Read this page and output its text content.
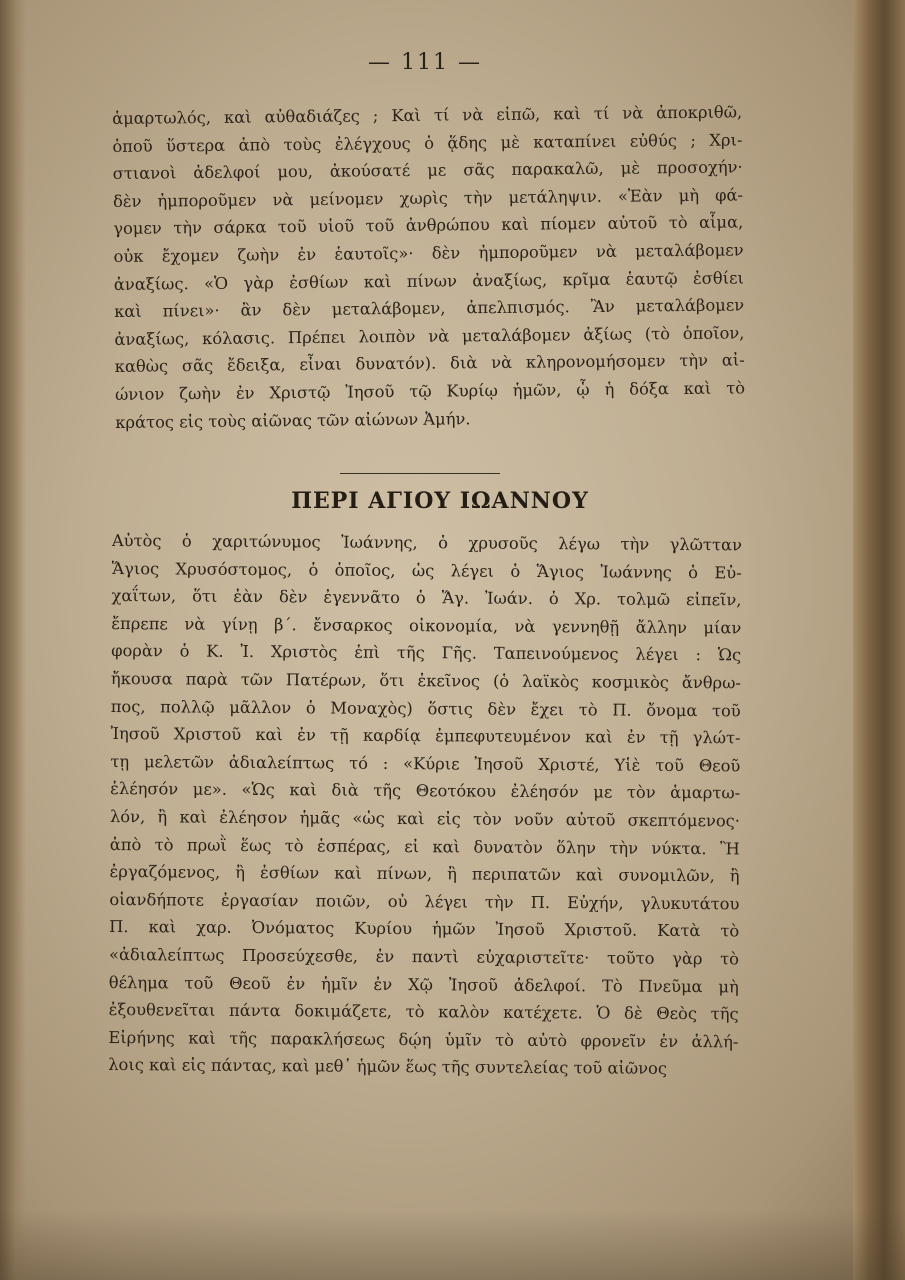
— 111 —
ἁμαρτωλός, καὶ αὐθαδιάζες ; Καὶ τί νὰ εἰπῶ, καὶ τί νὰ ἀποκριθῶ,
ὁποῦ ὕστερα ἀπὸ τοὺς ἐλέγχους ὁ ᾅδης μὲ καταπίνει εὐθύς ; Χρι-
στιανοὶ ἀδελφοί μου, ἀκούσατέ με σᾶς παρακαλῶ, μὲ προσοχήν·
δὲν ἠμποροῦμεν νὰ μείνομεν χωρὶς τὴν μετάληψιν. «Ἐὰν μὴ φά-
γομεν τὴν σάρκα τοῦ υἱοῦ τοῦ ἀνθρώπου καὶ πίομεν αὐτοῦ τὸ αἷμα,
οὐκ ἔχομεν ζωὴν ἐν ἑαυτοῖς»· δὲν ἠμποροῦμεν νὰ μεταλάβομεν
ἀναξίως. «Ὁ γὰρ ἐσθίων καὶ πίνων ἀναξίως, κρῖμα ἑαυτῷ ἐσθίει
καὶ πίνει»· ἂν δὲν μεταλάβομεν, ἀπελπισμός. Ἂν μεταλάβομεν
ἀναξίως, κόλασις. Πρέπει λοιπὸν νὰ μεταλάβομεν ἀξίως (τὸ ὁποῖον,
καθὼς σᾶς ἔδειξα, εἶναι δυνατόν). διὰ νὰ κληρονομήσομεν τὴν αἰ-
ώνιον ζωὴν ἐν Χριστῷ Ἰησοῦ τῷ Κυρίῳ ἡμῶν, ᾧ ἡ δόξα καὶ τὸ
κράτος εἰς τοὺς αἰῶνας τῶν αἰώνων Ἀμήν.
ΠΕΡΙ ΑΓΙΟΥ ΙΩΑΝΝΟΥ
Αὐτὸς ὁ χαριτώνυμος Ἰωάννης, ὁ χρυσοῦς λέγω τὴν γλῶτταν
Ἅγιος Χρυσόστομος, ὁ ὁποῖος, ὡς λέγει ὁ Ἅγιος Ἰωάννης ὁ Εὐ-
χαΐτων, ὅτι ἐὰν δὲν ἐγεννᾶτο ὁ Ἅγ. Ἰωάν. ὁ Χρ. τολμῶ εἰπεῖν,
ἔπρεπε νὰ γίνῃ β΄. ἔνσαρκος οἰκονομία, νὰ γεννηθῇ ἄλλην μίαν
φορὰν ὁ Κ. Ἰ. Χριστὸς ἐπὶ τῆς Γῆς. Ταπεινούμενος λέγει : Ὡς
ἤκουσα παρὰ τῶν Πατέρων, ὅτι ἐκεῖνος (ὁ λαϊκὸς κοσμικὸς ἄνθρω-
πος, πολλῷ μᾶλλον ὁ Μοναχὸς) ὅστις δὲν ἔχει τὸ Π. ὄνομα τοῦ
Ἰησοῦ Χριστοῦ καὶ ἐν τῇ καρδίᾳ ἐμπεφυτευμένον καὶ ἐν τῇ γλώτ-
τῃ μελετῶν ἀδιαλείπτως τό : «Κύριε Ἰησοῦ Χριστέ, Υἱὲ τοῦ Θεοῦ
ἐλέησόν με». «Ὡς καὶ διὰ τῆς Θεοτόκου ἐλέησόν με τὸν ἁμαρτω-
λόν, ἢ καὶ ἐλέησον ἡμᾶς «ὡς καὶ εἰς τὸν νοῦν αὐτοῦ σκεπτόμενος·
ἀπὸ τὸ πρωῒ ἕως τὸ ἑσπέρας, εἰ καὶ δυνατὸν ὅλην τὴν νύκτα. Ἢ
ἐργαζόμενος, ἢ ἐσθίων καὶ πίνων, ἢ περιπατῶν καὶ συνομιλῶν, ἢ
οἱανδήποτε ἐργασίαν ποιῶν, οὐ λέγει τὴν Π. Εὐχήν, γλυκυτάτου
Π. καὶ χαρ. Ὀνόματος Κυρίου ἡμῶν Ἰησοῦ Χριστοῦ. Κατὰ τὸ
«ἀδιαλείπτως Προσεύχεσθε, ἐν παντὶ εὐχαριστεῖτε· τοῦτο γὰρ τὸ
θέλημα τοῦ Θεοῦ ἐν ἡμῖν ἐν Χῷ Ἰησοῦ ἀδελφοί. Τὸ Πνεῦμα μὴ
ἐξουθενεῖται πάντα δοκιμάζετε, τὸ καλὸν κατέχετε. Ὁ δὲ Θεὸς τῆς
Εἰρήνης καὶ τῆς παρακλήσεως δῴη ὑμῖν τὸ αὐτὸ φρονεῖν ἐν ἀλλή-
λοις καὶ εἰς πάντας, καὶ μεθ᾿ ἡμῶν ἕως τῆς συντελείας τοῦ αἰῶνος
